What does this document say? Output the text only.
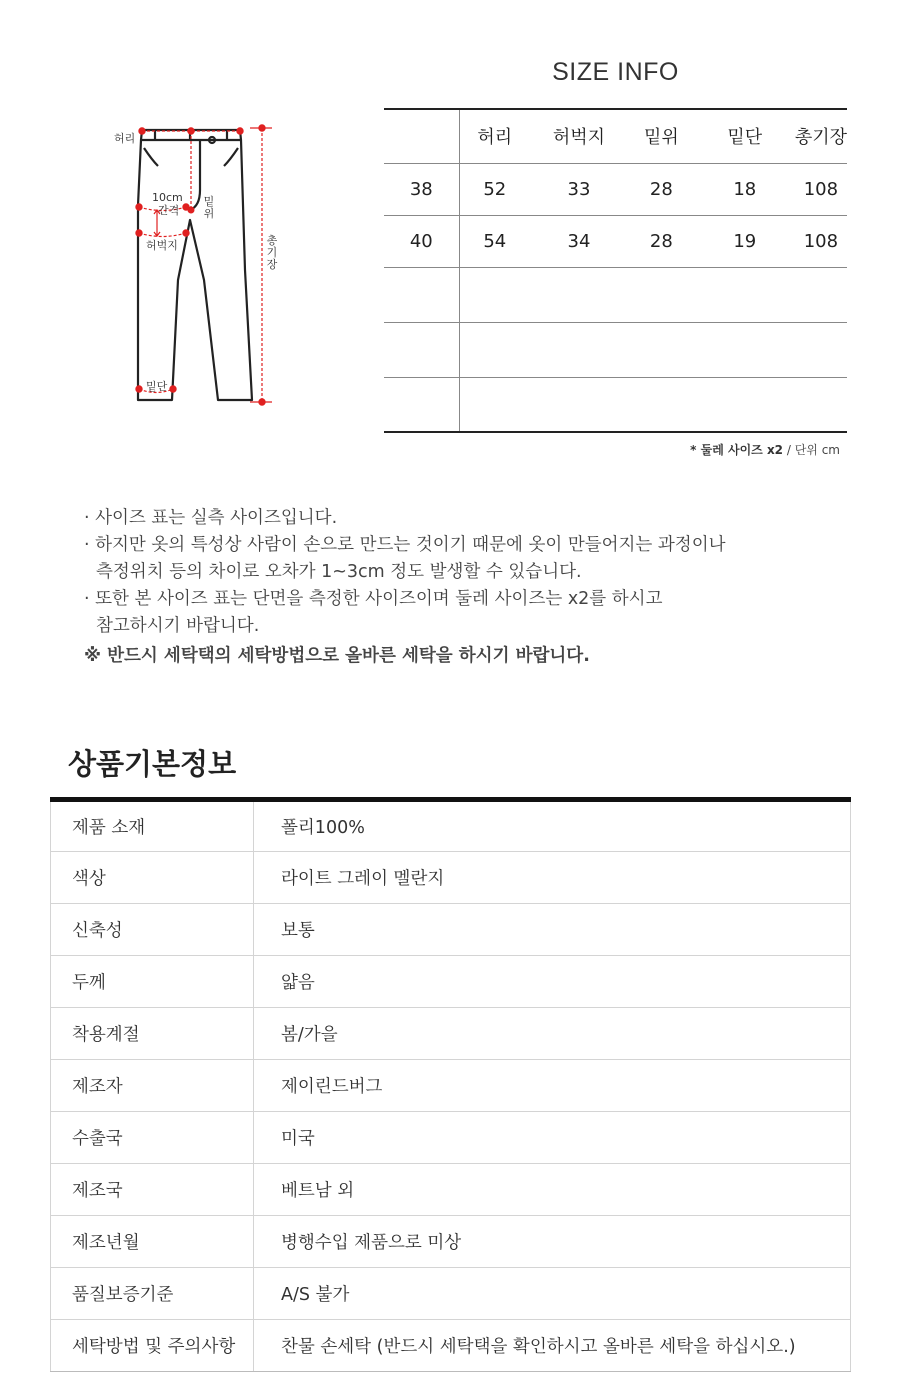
허리
10cm
간격
허벅지
밑위
밑단
총기장
SIZE INFO
	허리	허벅지	밑위	밑단	총기장
38	52	33	28	18	108
40	54	34	28	19	108

* 둘레 사이즈 x2 / 단위 cm
· 사이즈 표는 실측 사이즈입니다.
· 하지만 옷의 특성상 사람이 손으로 만드는 것이기 때문에 옷이 만들어지는 과정이나
측정위치 등의 차이로 오차가 1~3cm 정도 발생할 수 있습니다.
· 또한 본 사이즈 표는 단면을 측정한 사이즈이며 둘레 사이즈는 x2를 하시고
참고하시기 바랍니다.
※ 반드시 세탁택의 세탁방법으로 올바른 세탁을 하시기 바랍니다.
상품기본정보
제품 소재	폴리100%
색상	라이트 그레이 멜란지
신축성	보통
두께	얇음
착용계절	봄/가을
제조자	제이린드버그
수출국	미국
제조국	베트남 외
제조년월	병행수입 제품으로 미상
품질보증기준	A/S 불가
세탁방법 및 주의사항	찬물 손세탁 (반드시 세탁택을 확인하시고 올바른 세탁을 하십시오.)
